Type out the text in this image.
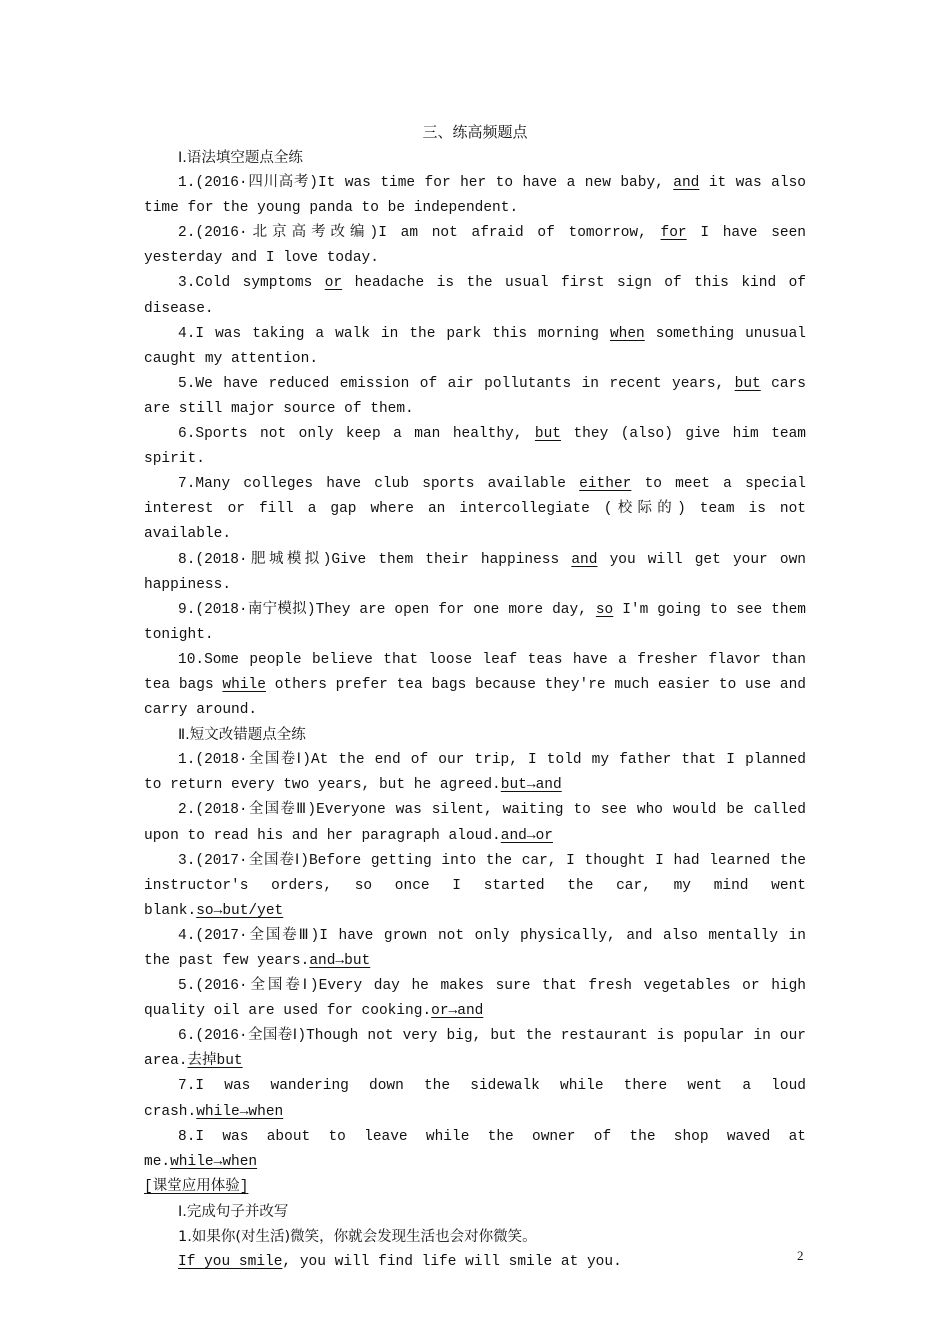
三、练高频题点
Ⅰ.语法填空题点全练
1.(2016·四川高考)It was time for her to have a new baby, and it was also time for the young panda to be independent.
2.(2016·北京高考改编)I am not afraid of tomorrow, for I have seen yesterday and I love today.
3.Cold symptoms or headache is the usual first sign of this kind of disease.
4.I was taking a walk in the park this morning when something unusual caught my attention.
5.We have reduced emission of air pollutants in recent years, but cars are still major source of them.
6.Sports not only keep a man healthy, but they (also) give him team spirit.
7.Many colleges have club sports available either to meet a special interest or fill a gap where an intercollegiate (校际的) team is not available.
8.(2018·肥城模拟)Give them their happiness and you will get your own happiness.
9.(2018·南宁模拟)They are open for one more day, so I'm going to see them tonight.
10.Some people believe that loose leaf teas have a fresher flavor than tea bags while others prefer tea bags because they're much easier to use and carry around.
Ⅱ.短文改错题点全练
1.(2018·全国卷Ⅰ)At the end of our trip, I told my father that I planned to return every two years, but he agreed.but→and
2.(2018·全国卷Ⅲ)Everyone was silent, waiting to see who would be called upon to read his and her paragraph aloud.and→or
3.(2017·全国卷Ⅰ)Before getting into the car, I thought I had learned the instructor's orders, so once I started the car, my mind went blank.so→but/yet
4.(2017·全国卷Ⅲ)I have grown not only physically, and also mentally in the past few years.and→but
5.(2016·全国卷Ⅰ)Every day he makes sure that fresh vegetables or high quality oil are used for cooking.or→and
6.(2016·全国卷Ⅰ)Though not very big, but the restaurant is popular in our area.去掉but
7.I was wandering down the sidewalk while there went a loud crash.while→when
8.I was about to leave while the owner of the shop waved at me.while→when
[课堂应用体验]
Ⅰ.完成句子并改写
1.如果你(对生活)微笑，你就会发现生活也会对你微笑。
If you smile, you will find life will smile at you.	2
